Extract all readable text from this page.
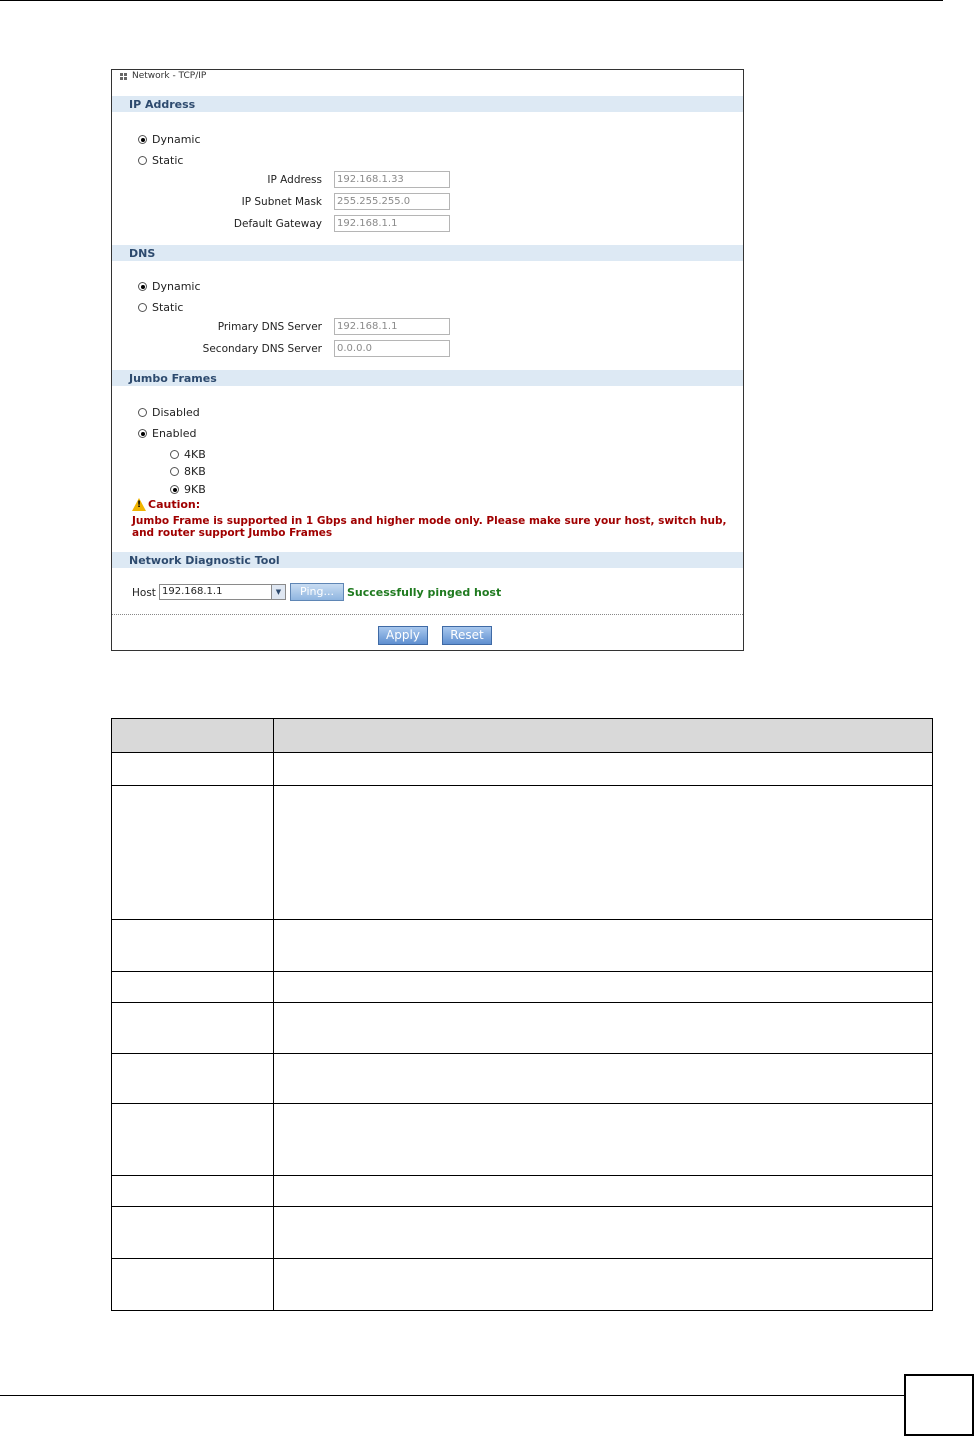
Network - TCP/IP
IP Address
Dynamic
Static
IP Address	192.168.1.33
IP Subnet Mask	255.255.255.0
Default Gateway	192.168.1.1
DNS
Dynamic
Static
Primary DNS Server	192.168.1.1
Secondary DNS Server	0.0.0.0
Jumbo Frames
Disabled
Enabled
4KB
8KB
9KB
!
Caution:
Jumbo Frame is supported in 1 Gbps and higher mode only. Please make sure your host, switch hub, and router support Jumbo Frames
Network Diagnostic Tool
Host 192.168.1.1	▼	Ping...	Successfully pinged host
Apply	Reset
